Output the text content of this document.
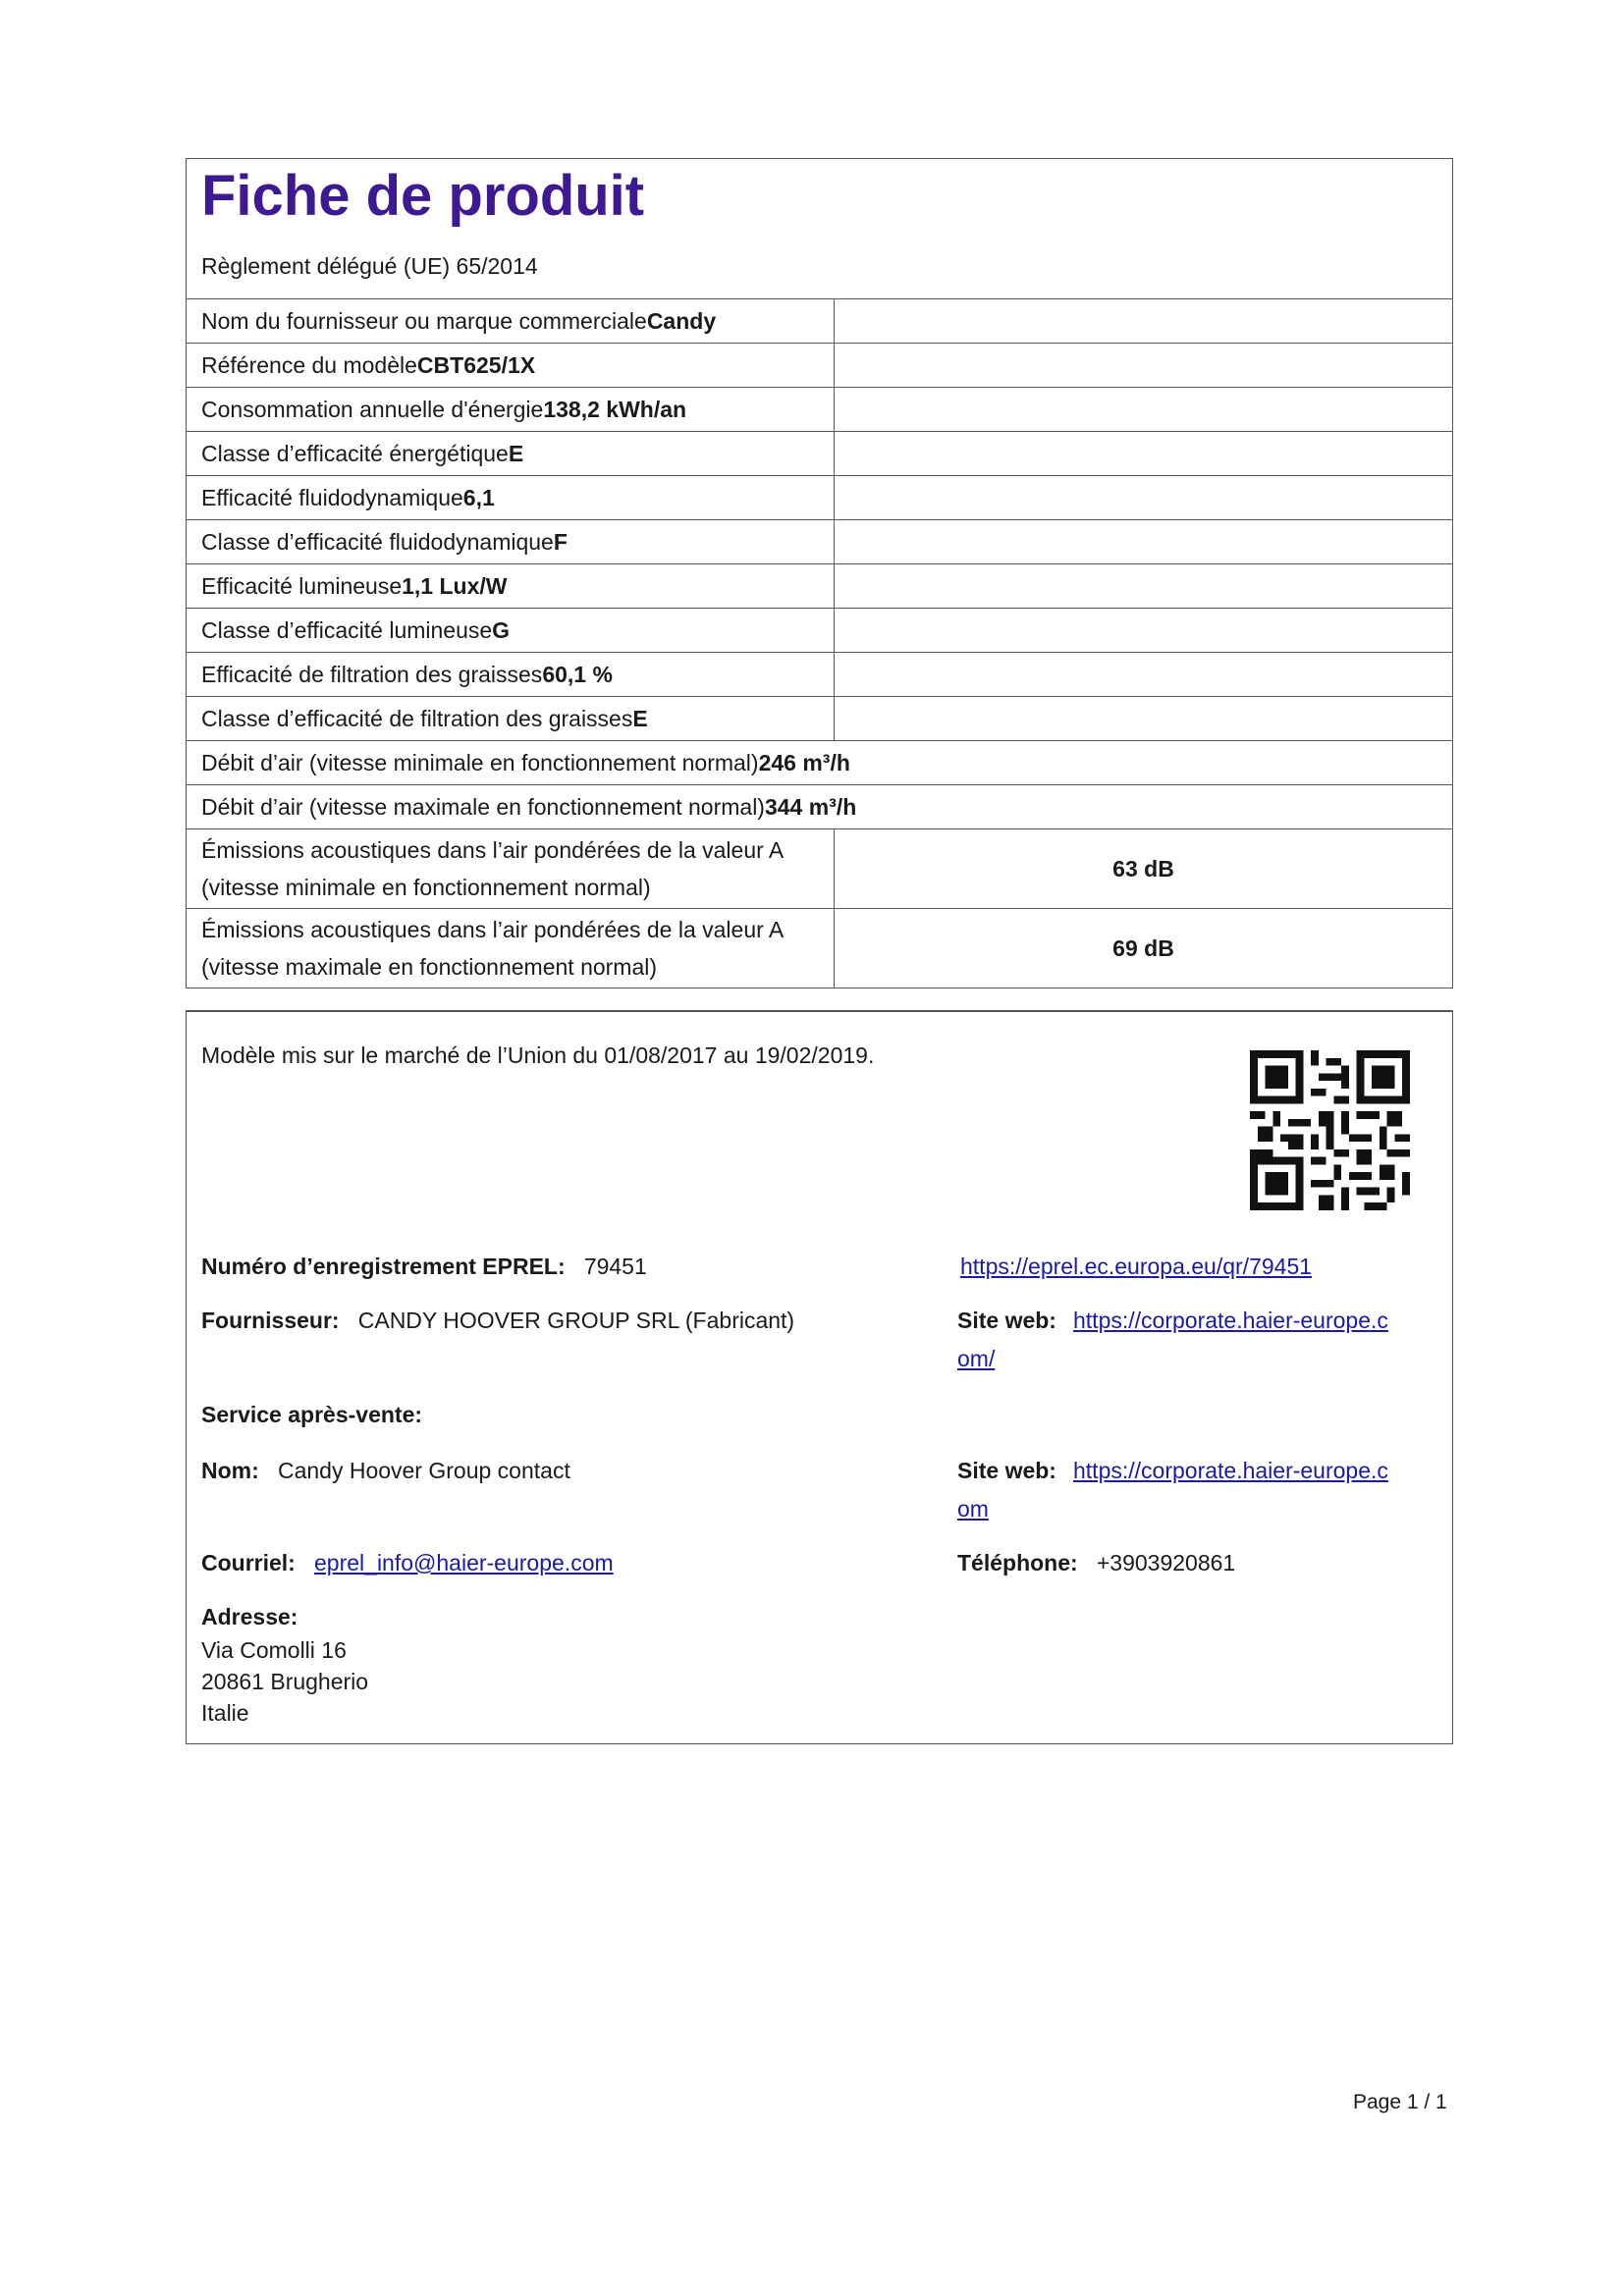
Fiche de produit
Règlement délégué (UE) 65/2014
Nom du fournisseur ou marque commerciale Candy
Référence du modèle CBT625/1X
Consommation annuelle d'énergie 138,2 kWh/an
Classe d’efficacité énergétique E
Efficacité fluidodynamique 6,1
Classe d’efficacité fluidodynamique F
Efficacité lumineuse 1,1 Lux/W
Classe d’efficacité lumineuse G
Efficacité de filtration des graisses 60,1 %
Classe d’efficacité de filtration des graisses E
Débit d’air (vitesse minimale en fonctionnement normal) 246 m³/h
Débit d’air (vitesse maximale en fonctionnement normal) 344 m³/h
Émissions acoustiques dans l’air pondérées de la valeur A
(vitesse minimale en fonctionnement normal)
63 dB
Émissions acoustiques dans l’air pondérées de la valeur A
(vitesse maximale en fonctionnement normal)
69 dB
Modèle mis sur le marché de l’Union du 01/08/2017 au 19/02/2019.
Numéro d’enregistrement EPREL: 79451	https://eprel.ec.europa.eu/qr/79451
Fournisseur: CANDY HOOVER GROUP SRL (Fabricant)	Site web: https://corporate.haier-europe.c
om/
Service après-vente:
Nom: Candy Hoover Group contact	Site web: https://corporate.haier-europe.c
om
Courriel: eprel_info@haier-europe.com	Téléphone: +3903920861
Adresse:
Via Comolli 16
20861 Brugherio
Italie
Page 1 / 1
